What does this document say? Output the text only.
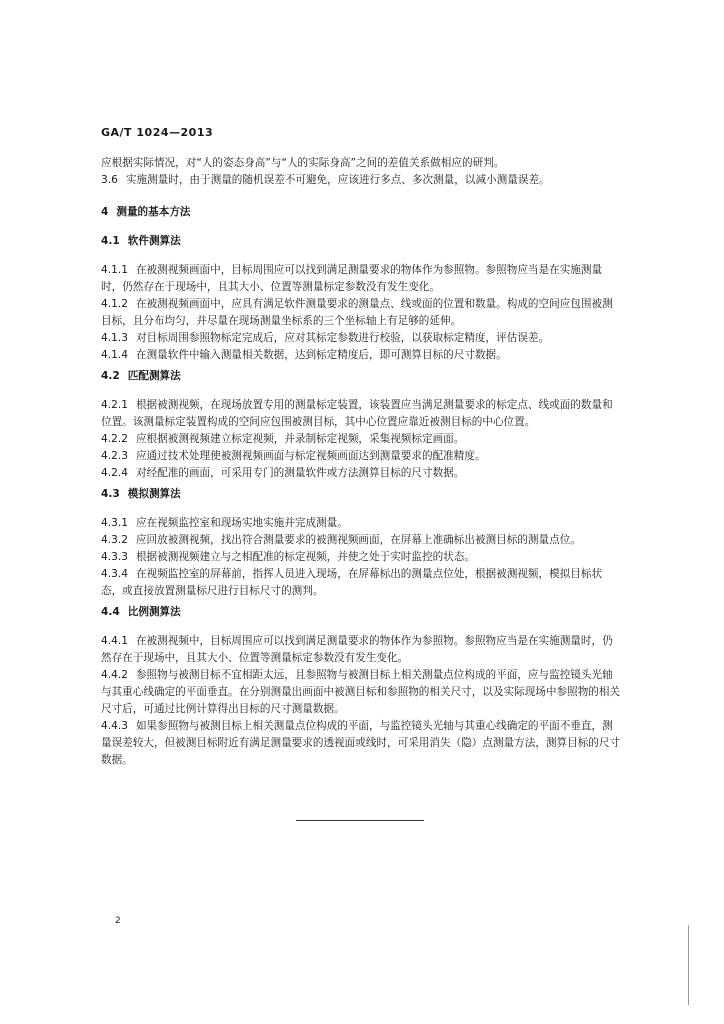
GA/T 1024—2013

应根据实际情况，对“人的姿态身高”与“人的实际身高”之间的差值关系做相应的研判。

3.6 实施测量时，由于测量的随机误差不可避免，应该进行多点、多次测量，以减小测量误差。

4 测量的基本方法

4.1 软件测算法

4.1.1 在被测视频画面中，目标周围应可以找到满足测量要求的物体作为参照物。参照物应当是在实施测量时，仍然存在于现场中，且其大小、位置等测量标定参数没有发生变化。

4.1.2 在被测视频画面中，应具有满足软件测量要求的测量点、线或面的位置和数量。构成的空间应包围被测目标，且分布均匀，并尽量在现场测量坐标系的三个坐标轴上有足够的延伸。

4.1.3 对目标周围参照物标定完成后，应对其标定参数进行校验，以获取标定精度，评估误差。

4.1.4 在测量软件中输入测量相关数据，达到标定精度后，即可测算目标的尺寸数据。

4.2 匹配测算法

4.2.1 根据被测视频，在现场放置专用的测量标定装置，该装置应当满足测量要求的标定点、线或面的数量和位置。该测量标定装置构成的空间应包围被测目标，其中心位置应靠近被测目标的中心位置。

4.2.2 应根据被测视频建立标定视频，并录制标定视频，采集视频标定画面。

4.2.3 应通过技术处理使被测视频画面与标定视频画面达到测量要求的配准精度。

4.2.4 对经配准的画面，可采用专门的测量软件或方法测算目标的尺寸数据。

4.3 模拟测算法

4.3.1 应在视频监控室和现场实地实施并完成测量。

4.3.2 应回放被测视频，找出符合测量要求的被测视频画面，在屏幕上准确标出被测目标的测量点位。

4.3.3 根据被测视频建立与之相配准的标定视频，并使之处于实时监控的状态。

4.3.4 在视频监控室的屏幕前，指挥人员进入现场，在屏幕标出的测量点位处，根据被测视频，模拟目标状态，或直接放置测量标尺进行目标尺寸的测判。

4.4 比例测算法

4.4.1 在被测视频中，目标周围应可以找到满足测量要求的物体作为参照物。参照物应当是在实施测量时，仍然存在于现场中，且其大小、位置等测量标定参数没有发生变化。

4.4.2 参照物与被测目标不宜相距太远，且参照物与被测目标上相关测量点位构成的平面，应与监控镜头光轴与其重心线确定的平面垂直。在分别测量出画面中被测目标和参照物的相关尺寸，以及实际现场中参照物的相关尺寸后，可通过比例计算得出目标的尺寸测量数据。

4.4.3 如果参照物与被测目标上相关测量点位构成的平面，与监控镜头光轴与其重心线确定的平面不垂直，测量误差较大，但被测目标附近有满足测量要求的透视面或线时，可采用消失（隐）点测量方法，测算目标的尺寸数据。

2
